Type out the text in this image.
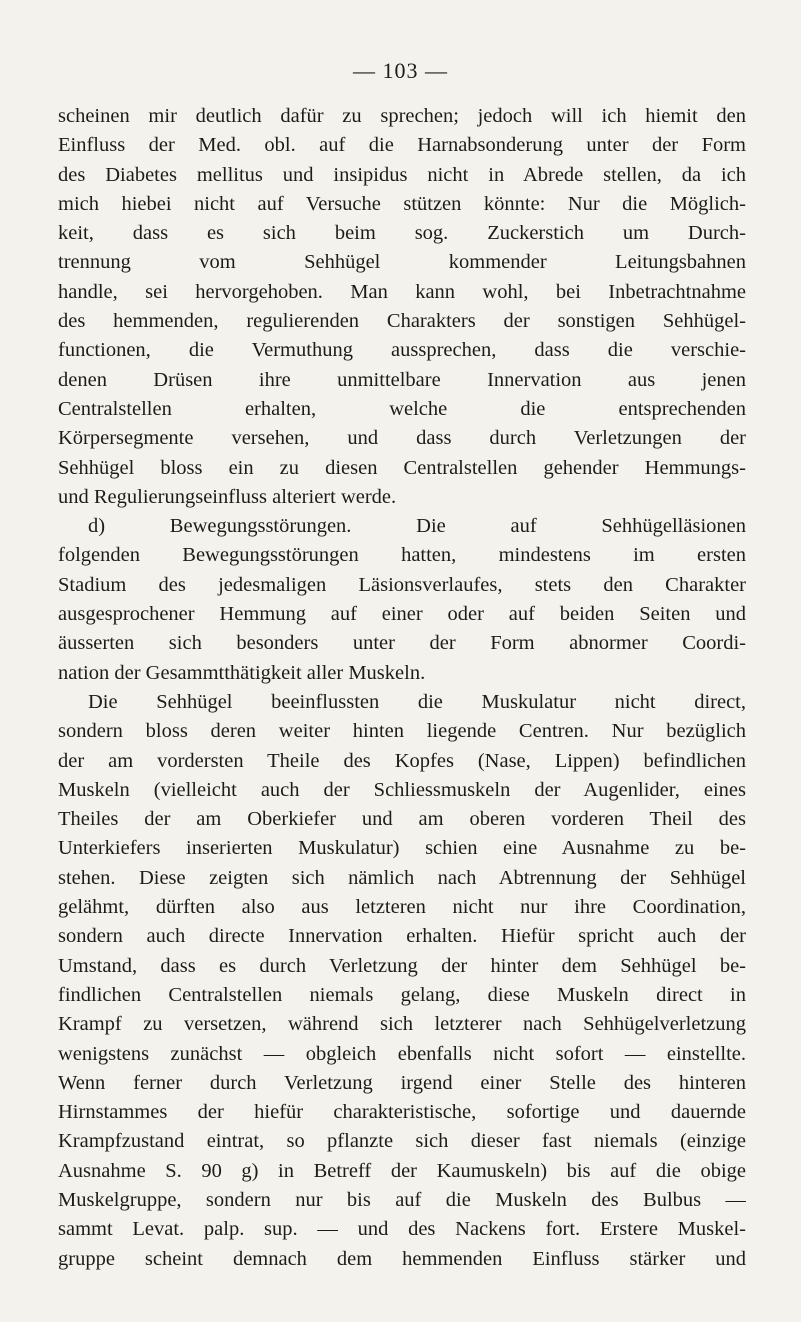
— 103 —
scheinen mir deutlich dafür zu sprechen; jedoch will ich hiemit den
Einfluss der Med. obl. auf die Harnabsonderung unter der Form
des Diabetes mellitus und insipidus nicht in Abrede stellen, da ich
mich hiebei nicht auf Versuche stützen könnte: Nur die Möglich-
keit, dass es sich beim sog. Zuckerstich um Durch-
trennung vom Sehhügel kommender Leitungsbahnen
handle, sei hervorgehoben. Man kann wohl, bei Inbetrachtnahme
des hemmenden, regulierenden Charakters der sonstigen Sehhügel-
functionen, die Vermuthung aussprechen, dass die verschie-
denen Drüsen ihre unmittelbare Innervation aus jenen
Centralstellen erhalten, welche die entsprechenden
Körpersegmente versehen, und dass durch Verletzungen der
Sehhügel bloss ein zu diesen Centralstellen gehender Hemmungs-
und Regulierungseinfluss alteriert werde.
d) Bewegungsstörungen. Die auf Sehhügelläsionen
folgenden Bewegungsstörungen hatten, mindestens im ersten
Stadium des jedesmaligen Läsionsverlaufes, stets den Charakter
ausgesprochener Hemmung auf einer oder auf beiden Seiten und
äusserten sich besonders unter der Form abnormer Coordi-
nation der Gesammtthätigkeit aller Muskeln.
Die Sehhügel beeinflussten die Muskulatur nicht direct,
sondern bloss deren weiter hinten liegende Centren. Nur bezüglich
der am vordersten Theile des Kopfes (Nase, Lippen) befindlichen
Muskeln (vielleicht auch der Schliessmuskeln der Augenlider, eines
Theiles der am Oberkiefer und am oberen vorderen Theil des
Unterkiefers inserierten Muskulatur) schien eine Ausnahme zu be-
stehen. Diese zeigten sich nämlich nach Abtrennung der Sehhügel
gelähmt, dürften also aus letzteren nicht nur ihre Coordination,
sondern auch directe Innervation erhalten. Hiefür spricht auch der
Umstand, dass es durch Verletzung der hinter dem Sehhügel be-
findlichen Centralstellen niemals gelang, diese Muskeln direct in
Krampf zu versetzen, während sich letzterer nach Sehhügelverletzung
wenigstens zunächst — obgleich ebenfalls nicht sofort — einstellte.
Wenn ferner durch Verletzung irgend einer Stelle des hinteren
Hirnstammes der hiefür charakteristische, sofortige und dauernde
Krampfzustand eintrat, so pflanzte sich dieser fast niemals (einzige
Ausnahme S. 90 g) in Betreff der Kaumuskeln) bis auf die obige
Muskelgruppe, sondern nur bis auf die Muskeln des Bulbus —
sammt Levat. palp. sup. — und des Nackens fort. Erstere Muskel-
gruppe scheint demnach dem hemmenden Einfluss stärker und
